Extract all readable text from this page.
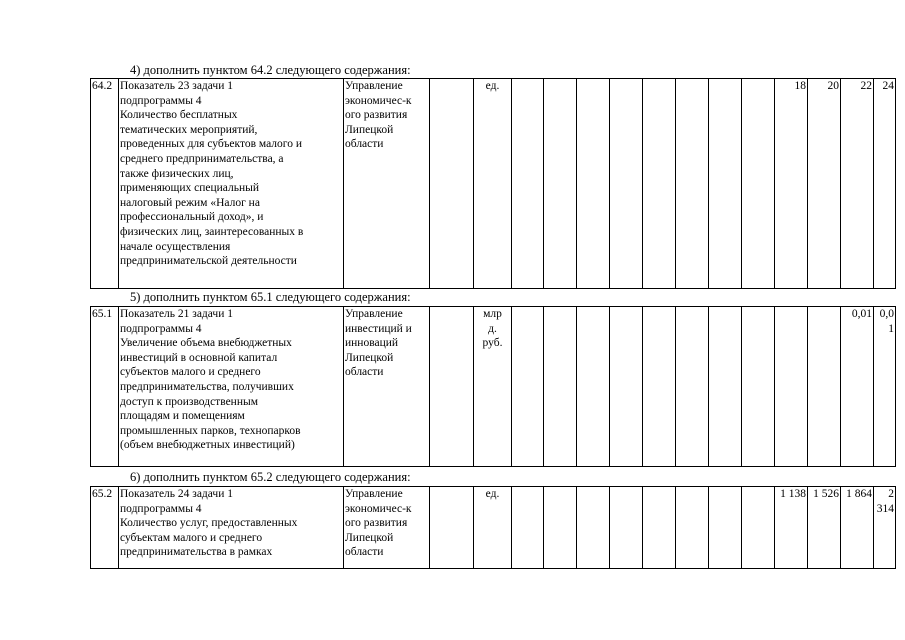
4) дополнить пунктом 64.2 следующего содержания:
64.2	Показатель 23 задачи 1
подпрограммы 4
Количество бесплатных
тематических мероприятий,
проведенных для субъектов малого и
среднего предпринимательства, а
также физических лиц,
применяющих специальный
налоговый режим «Налог на
профессиональный доход», и
физических лиц, заинтересованных в
начале осуществления
предпринимательской деятельности	Управление
экономичес-к
ого развития
Липецкой
области		ед.									18	20	22	24
5) дополнить пунктом 65.1 следующего содержания:
65.1	Показатель 21 задачи 1
подпрограммы 4
Увеличение объема внебюджетных
инвестиций в основной капитал
субъектов малого и среднего
предпринимательства, получивших
доступ к производственным
площадям и помещениям
промышленных парков, технопарков
(объем внебюджетных инвестиций)	Управление
инвестиций и
инноваций
Липецкой
области		млр
д.
руб.											0,01	0,0
1
6) дополнить пунктом 65.2 следующего содержания:
65.2	Показатель 24 задачи 1
подпрограммы 4
Количество услуг, предоставленных
субъектам малого и среднего
предпринимательства в рамках	Управление
экономичес-к
ого развития
Липецкой
области		ед.									1 138	1 526	1 864	2
314
